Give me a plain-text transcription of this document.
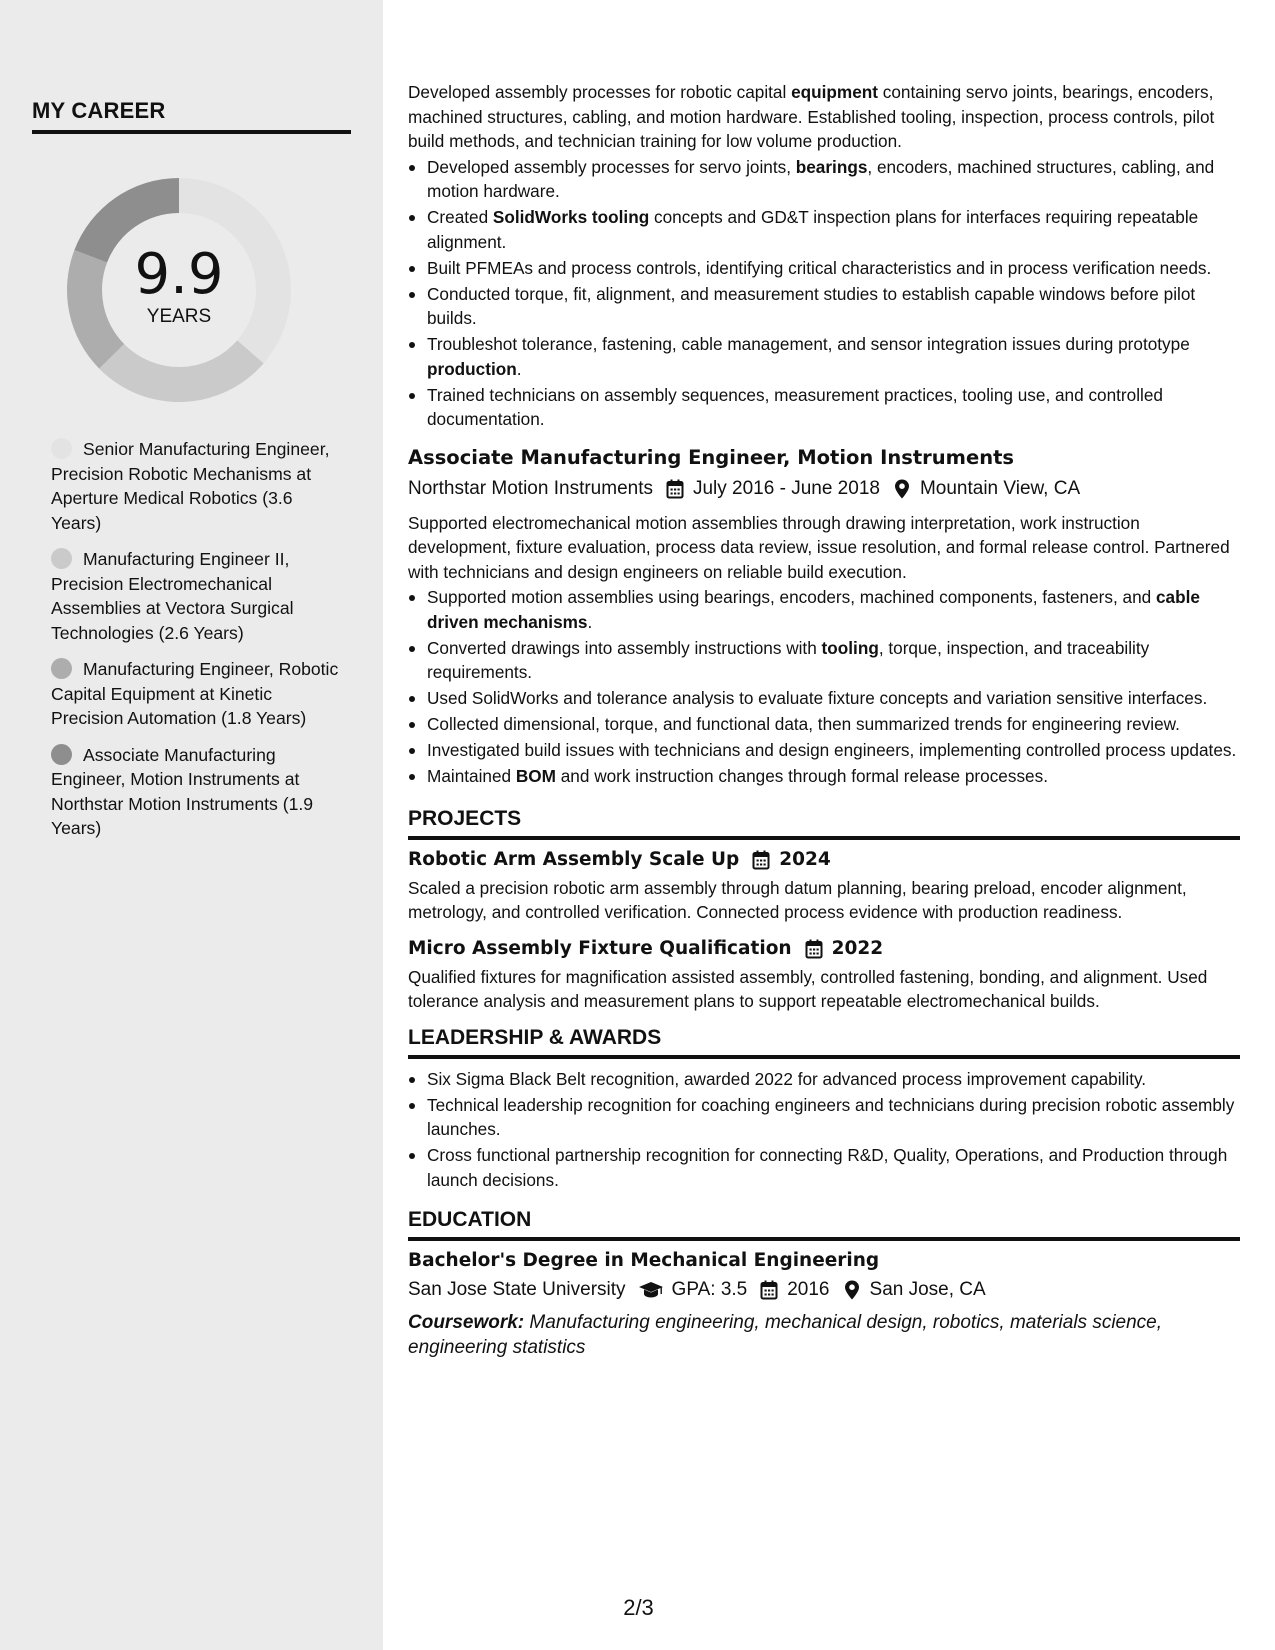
MY CAREER
9.9
YEARS
Senior Manufacturing Engineer, Precision Robotic Mechanisms at Aperture Medical Robotics (3.6 Years)
Manufacturing Engineer II, Precision Electromechanical Assemblies at Vectora Surgical Technologies (2.6 Years)
Manufacturing Engineer, Robotic Capital Equipment at Kinetic Precision Automation (1.8 Years)
Associate Manufacturing Engineer, Motion Instruments at Northstar Motion Instruments (1.9 Years)

Developed assembly processes for robotic capital equipment containing servo joints, bearings, encoders, machined structures, cabling, and motion hardware. Established tooling, inspection, process controls, pilot build methods, and technician training for low volume production.

Developed assembly processes for servo joints, bearings, encoders, machined structures, cabling, and motion hardware.
Created SolidWorks tooling concepts and GD&T inspection plans for interfaces requiring repeatable alignment.
Built PFMEAs and process controls, identifying critical characteristics and in process verification needs.
Conducted torque, fit, alignment, and measurement studies to establish capable windows before pilot builds.
Troubleshot tolerance, fastening, cable management, and sensor integration issues during prototype production.
Trained technicians on assembly sequences, measurement practices, tooling use, and controlled documentation.
Associate Manufacturing Engineer, Motion Instruments
Northstar Motion Instruments July 2016 - June 2018 Mountain View, CA

Supported electromechanical motion assemblies through drawing interpretation, work instruction development, fixture evaluation, process data review, issue resolution, and formal release control. Partnered with technicians and design engineers on reliable build execution.

Supported motion assemblies using bearings, encoders, machined components, fasteners, and cable driven mechanisms.
Converted drawings into assembly instructions with tooling, torque, inspection, and traceability requirements.
Used SolidWorks and tolerance analysis to evaluate fixture concepts and variation sensitive interfaces.
Collected dimensional, torque, and functional data, then summarized trends for engineering review.
Investigated build issues with technicians and design engineers, implementing controlled process updates.
Maintained BOM and work instruction changes through formal release processes.
PROJECTS
Robotic Arm Assembly Scale Up 2024

Scaled a precision robotic arm assembly through datum planning, bearing preload, encoder alignment, metrology, and controlled verification. Connected process evidence with production readiness.

Micro Assembly Fixture Qualification 2022

Qualified fixtures for magnification assisted assembly, controlled fastening, bonding, and alignment. Used tolerance analysis and measurement plans to support repeatable electromechanical builds.

LEADERSHIP & AWARDS
Six Sigma Black Belt recognition, awarded 2022 for advanced process improvement capability.
Technical leadership recognition for coaching engineers and technicians during precision robotic assembly launches.
Cross functional partnership recognition for connecting R&D, Quality, Operations, and Production through launch decisions.
EDUCATION
Bachelor's Degree in Mechanical Engineering
San Jose State University GPA: 3.5 2016 San Jose, CA

Coursework: Manufacturing engineering, mechanical design, robotics, materials science, engineering statistics

2/3
